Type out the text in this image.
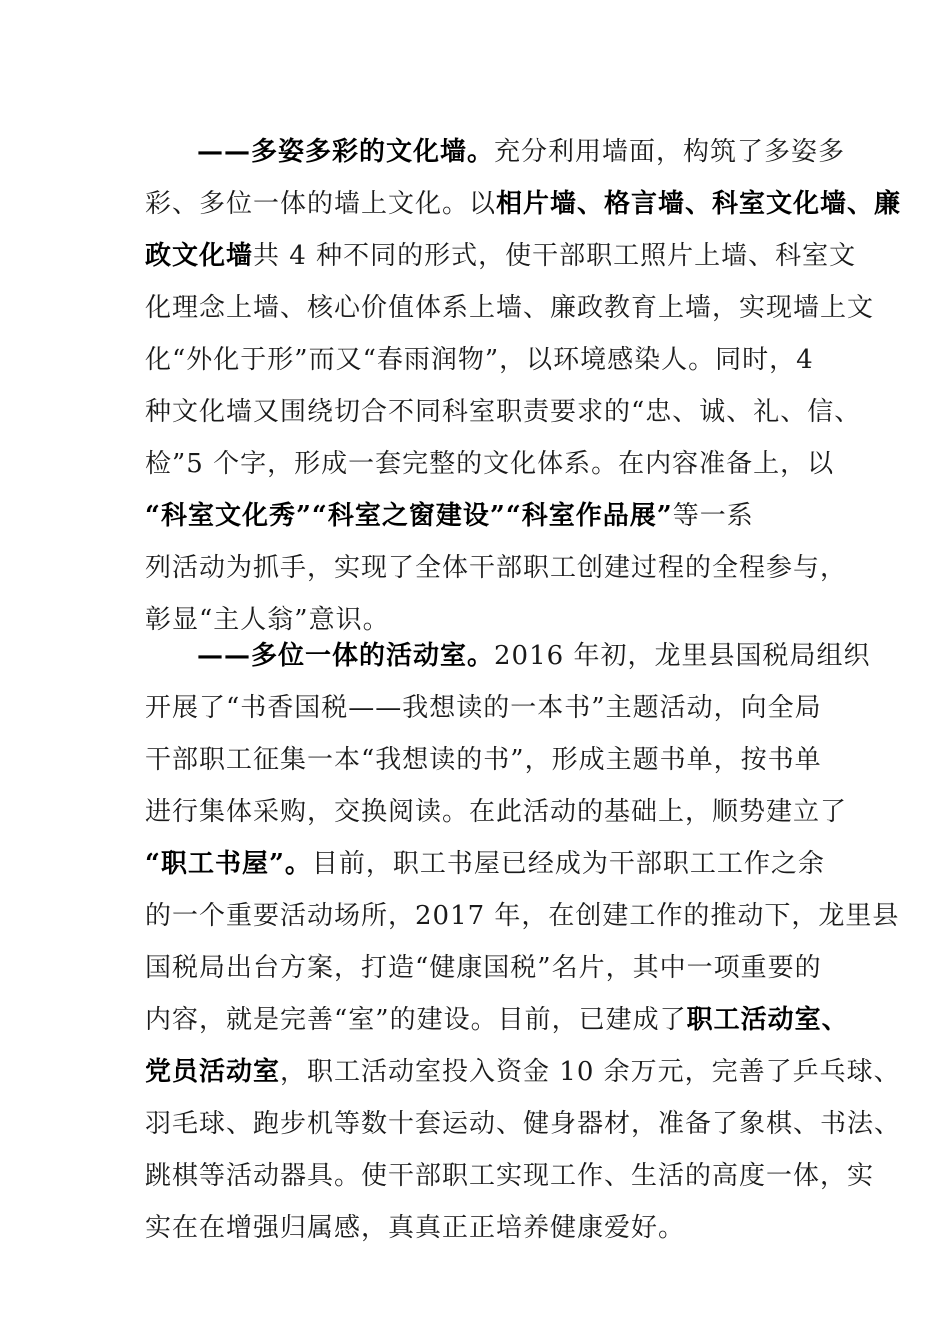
——多姿多彩的文化墙。充分利用墙面，构筑了多姿多
彩、多位一体的墙上文化。以相片墙、格言墙、科室文化墙、廉
政文化墙共 4 种不同的形式，使干部职工照片上墙、科室文
化理念上墙、核心价值体系上墙、廉政教育上墙，实现墙上文
化“外化于形”而又“春雨润物”，以环境感染人。同时，4
种文化墙又围绕切合不同科室职责要求的“忠、诚、礼、信、
检”5 个字，形成一套完整的文化体系。在内容准备上，以
“科室文化秀”“科室之窗建设”“科室作品展”等一系
列活动为抓手，实现了全体干部职工创建过程的全程参与，
彰显“主人翁”意识。
——多位一体的活动室。2016 年初，龙里县国税局组织
开展了“书香国税——我想读的一本书”主题活动，向全局
干部职工征集一本“我想读的书”，形成主题书单，按书单
进行集体采购，交换阅读。在此活动的基础上，顺势建立了
“职工书屋”。目前，职工书屋已经成为干部职工工作之余
的一个重要活动场所，2017 年，在创建工作的推动下，龙里县
国税局出台方案，打造“健康国税”名片，其中一项重要的
内容，就是完善“室”的建设。目前，已建成了职工活动室、
党员活动室，职工活动室投入资金 10 余万元，完善了乒乓球、
羽毛球、跑步机等数十套运动、健身器材，准备了象棋、书法、
跳棋等活动器具。使干部职工实现工作、生活的高度一体，实
实在在增强归属感，真真正正培养健康爱好。
